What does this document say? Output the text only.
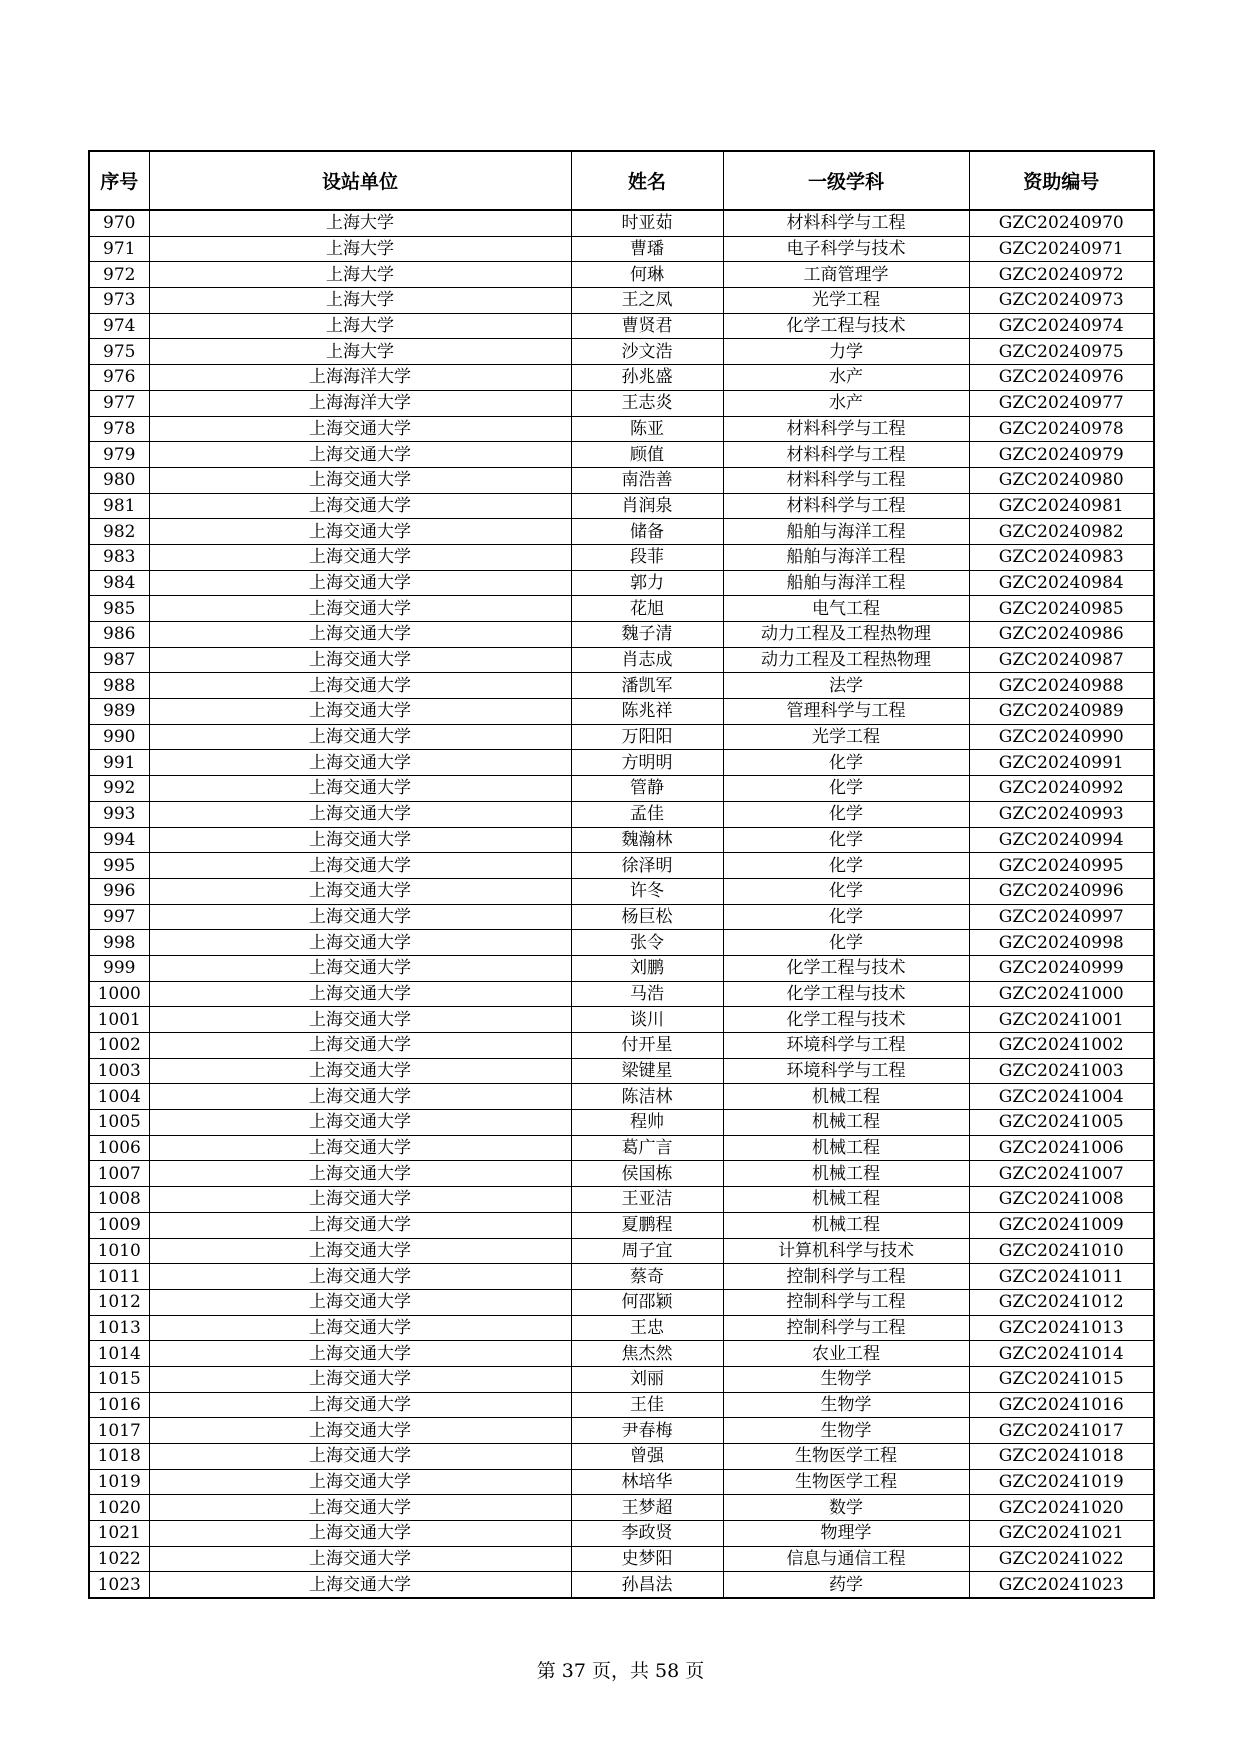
序号	设站单位	姓名	一级学科	资助编号
970	上海大学	时亚茹	材料科学与工程	GZC20240970
971	上海大学	曹璠	电子科学与技术	GZC20240971
972	上海大学	何琳	工商管理学	GZC20240972
973	上海大学	王之凤	光学工程	GZC20240973
974	上海大学	曹贤君	化学工程与技术	GZC20240974
975	上海大学	沙文浩	力学	GZC20240975
976	上海海洋大学	孙兆盛	水产	GZC20240976
977	上海海洋大学	王志炎	水产	GZC20240977
978	上海交通大学	陈亚	材料科学与工程	GZC20240978
979	上海交通大学	顾值	材料科学与工程	GZC20240979
980	上海交通大学	南浩善	材料科学与工程	GZC20240980
981	上海交通大学	肖润泉	材料科学与工程	GZC20240981
982	上海交通大学	储备	船舶与海洋工程	GZC20240982
983	上海交通大学	段菲	船舶与海洋工程	GZC20240983
984	上海交通大学	郭力	船舶与海洋工程	GZC20240984
985	上海交通大学	花旭	电气工程	GZC20240985
986	上海交通大学	魏子清	动力工程及工程热物理	GZC20240986
987	上海交通大学	肖志成	动力工程及工程热物理	GZC20240987
988	上海交通大学	潘凯军	法学	GZC20240988
989	上海交通大学	陈兆祥	管理科学与工程	GZC20240989
990	上海交通大学	万阳阳	光学工程	GZC20240990
991	上海交通大学	方明明	化学	GZC20240991
992	上海交通大学	管静	化学	GZC20240992
993	上海交通大学	孟佳	化学	GZC20240993
994	上海交通大学	魏瀚林	化学	GZC20240994
995	上海交通大学	徐泽明	化学	GZC20240995
996	上海交通大学	许冬	化学	GZC20240996
997	上海交通大学	杨巨松	化学	GZC20240997
998	上海交通大学	张令	化学	GZC20240998
999	上海交通大学	刘鹏	化学工程与技术	GZC20240999
1000	上海交通大学	马浩	化学工程与技术	GZC20241000
1001	上海交通大学	谈川	化学工程与技术	GZC20241001
1002	上海交通大学	付开星	环境科学与工程	GZC20241002
1003	上海交通大学	梁键星	环境科学与工程	GZC20241003
1004	上海交通大学	陈洁林	机械工程	GZC20241004
1005	上海交通大学	程帅	机械工程	GZC20241005
1006	上海交通大学	葛广言	机械工程	GZC20241006
1007	上海交通大学	侯国栋	机械工程	GZC20241007
1008	上海交通大学	王亚洁	机械工程	GZC20241008
1009	上海交通大学	夏鹏程	机械工程	GZC20241009
1010	上海交通大学	周子宜	计算机科学与技术	GZC20241010
1011	上海交通大学	蔡奇	控制科学与工程	GZC20241011
1012	上海交通大学	何邵颖	控制科学与工程	GZC20241012
1013	上海交通大学	王忠	控制科学与工程	GZC20241013
1014	上海交通大学	焦杰然	农业工程	GZC20241014
1015	上海交通大学	刘丽	生物学	GZC20241015
1016	上海交通大学	王佳	生物学	GZC20241016
1017	上海交通大学	尹春梅	生物学	GZC20241017
1018	上海交通大学	曾强	生物医学工程	GZC20241018
1019	上海交通大学	林培华	生物医学工程	GZC20241019
1020	上海交通大学	王梦超	数学	GZC20241020
1021	上海交通大学	李政贤	物理学	GZC20241021
1022	上海交通大学	史梦阳	信息与通信工程	GZC20241022
1023	上海交通大学	孙昌法	药学	GZC20241023
第 37 页，共 58 页
